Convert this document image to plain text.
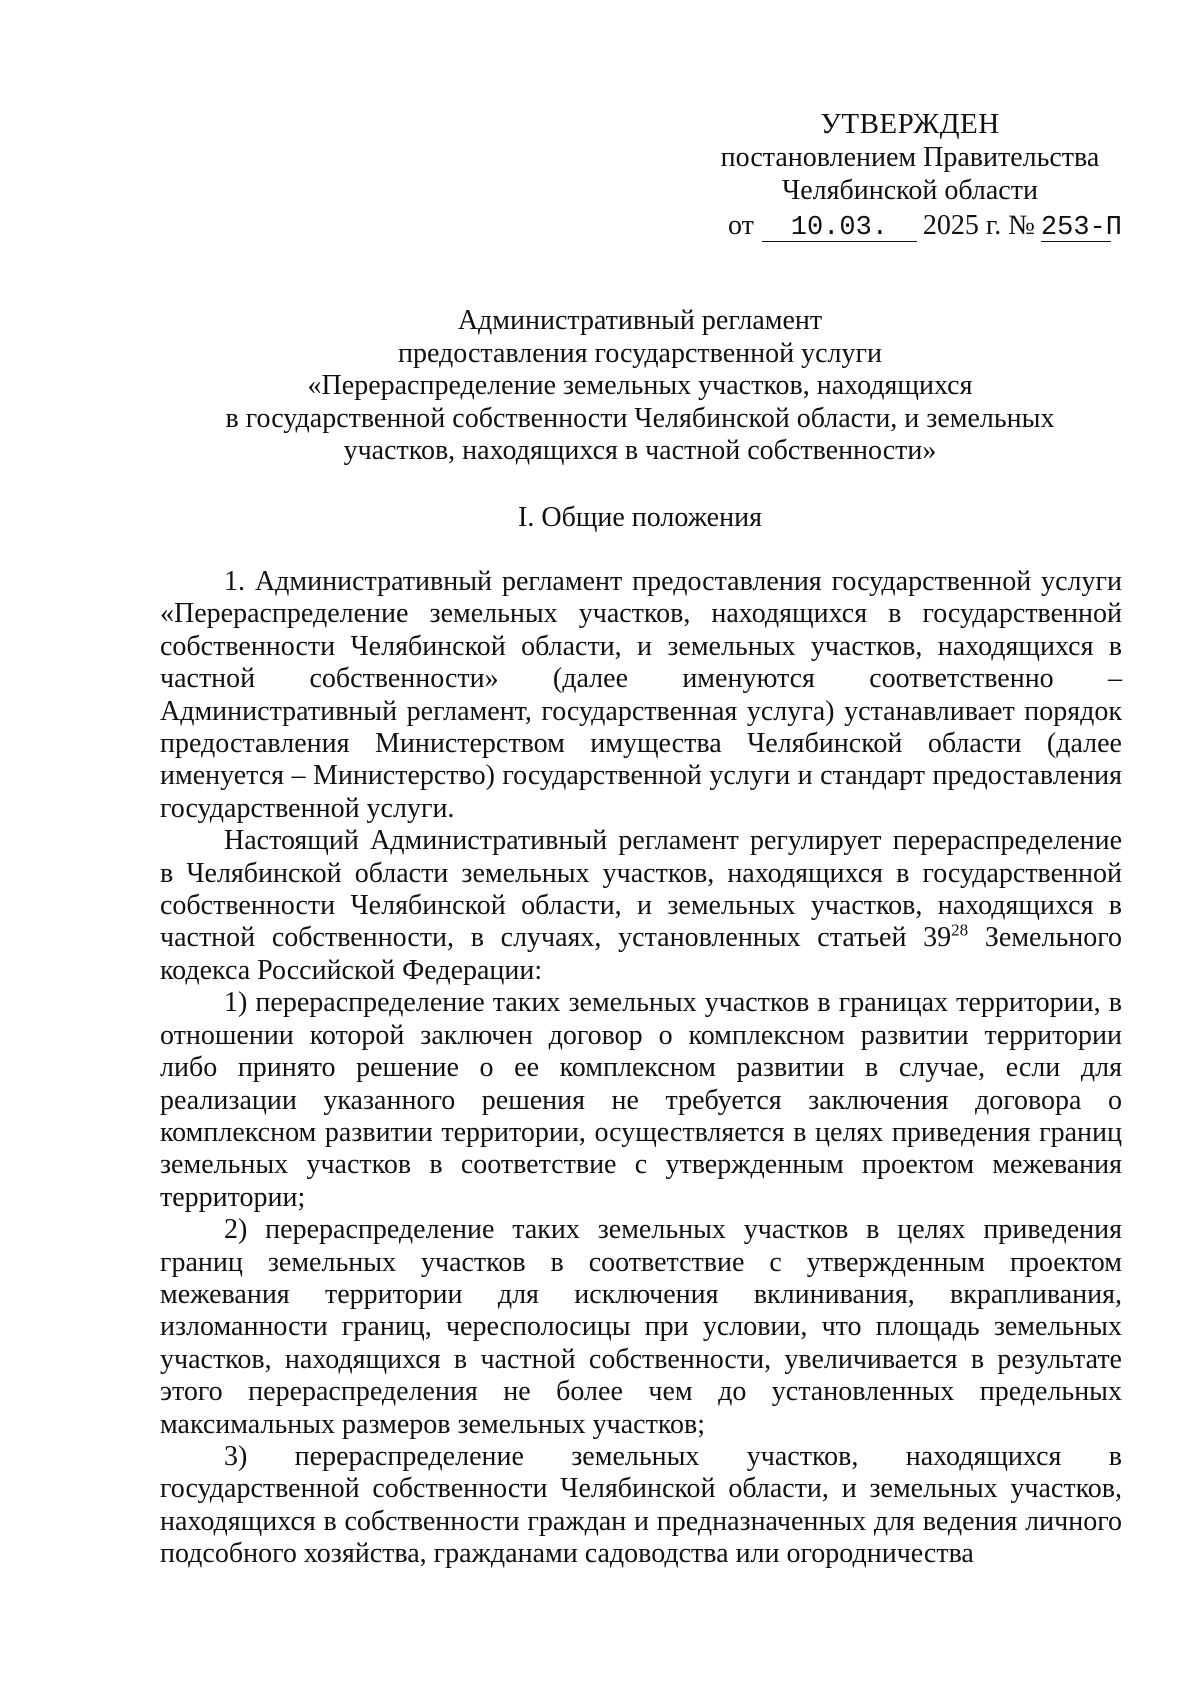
УТВЕРЖДЕН
постановлением Правительства
Челябинской области
от 10.03. 2025 г. № 253-П
Административный регламент
предоставления государственной услуги
«Перераспределение земельных участков, находящихся
в государственной собственности Челябинской области, и земельных
участков, находящихся в частной собственности»
I. Общие положения

1. Административный регламент предоставления государственной услуги «Перераспределение земельных участков, находящихся в государственной собственности Челябинской области, и земельных участков, находящихся в частной собственности» (далее именуются соответственно – Административный регламент, государственная услуга) устанавливает порядок предоставления Министерством имущества Челябинской области (далее именуется – Министерство) государственной услуги и стандарт предоставления государственной услуги.

Настоящий Административный регламент регулирует перераспределение в Челябинской области земельных участков, находящихся в государственной собственности Челябинской области, и земельных участков, находящихся в частной собственности, в случаях, установленных статьей $39^{28}$ Земельного кодекса Российской Федерации:

1) перераспределение таких земельных участков в границах территории, в отношении которой заключен договор о комплексном развитии территории либо принято решение о ее комплексном развитии в случае, если для реализации указанного решения не требуется заключения договора о комплексном развитии территории, осуществляется в целях приведения границ земельных участков в соответствие с утвержденным проектом межевания территории;

2) перераспределение таких земельных участков в целях приведения границ земельных участков в соответствие с утвержденным проектом межевания территории для исключения вклинивания, вкрапливания, изломанности границ, чересполосицы при условии, что площадь земельных участков, находящихся в частной собственности, увеличивается в результате этого перераспределения не более чем до установленных предельных максимальных размеров земельных участков;

3) перераспределение земельных участков, находящихся в государственной собственности Челябинской области, и земельных участков, находящихся в собственности граждан и предназначенных для ведения личного подсобного хозяйства, гражданами садоводства или огородничества
